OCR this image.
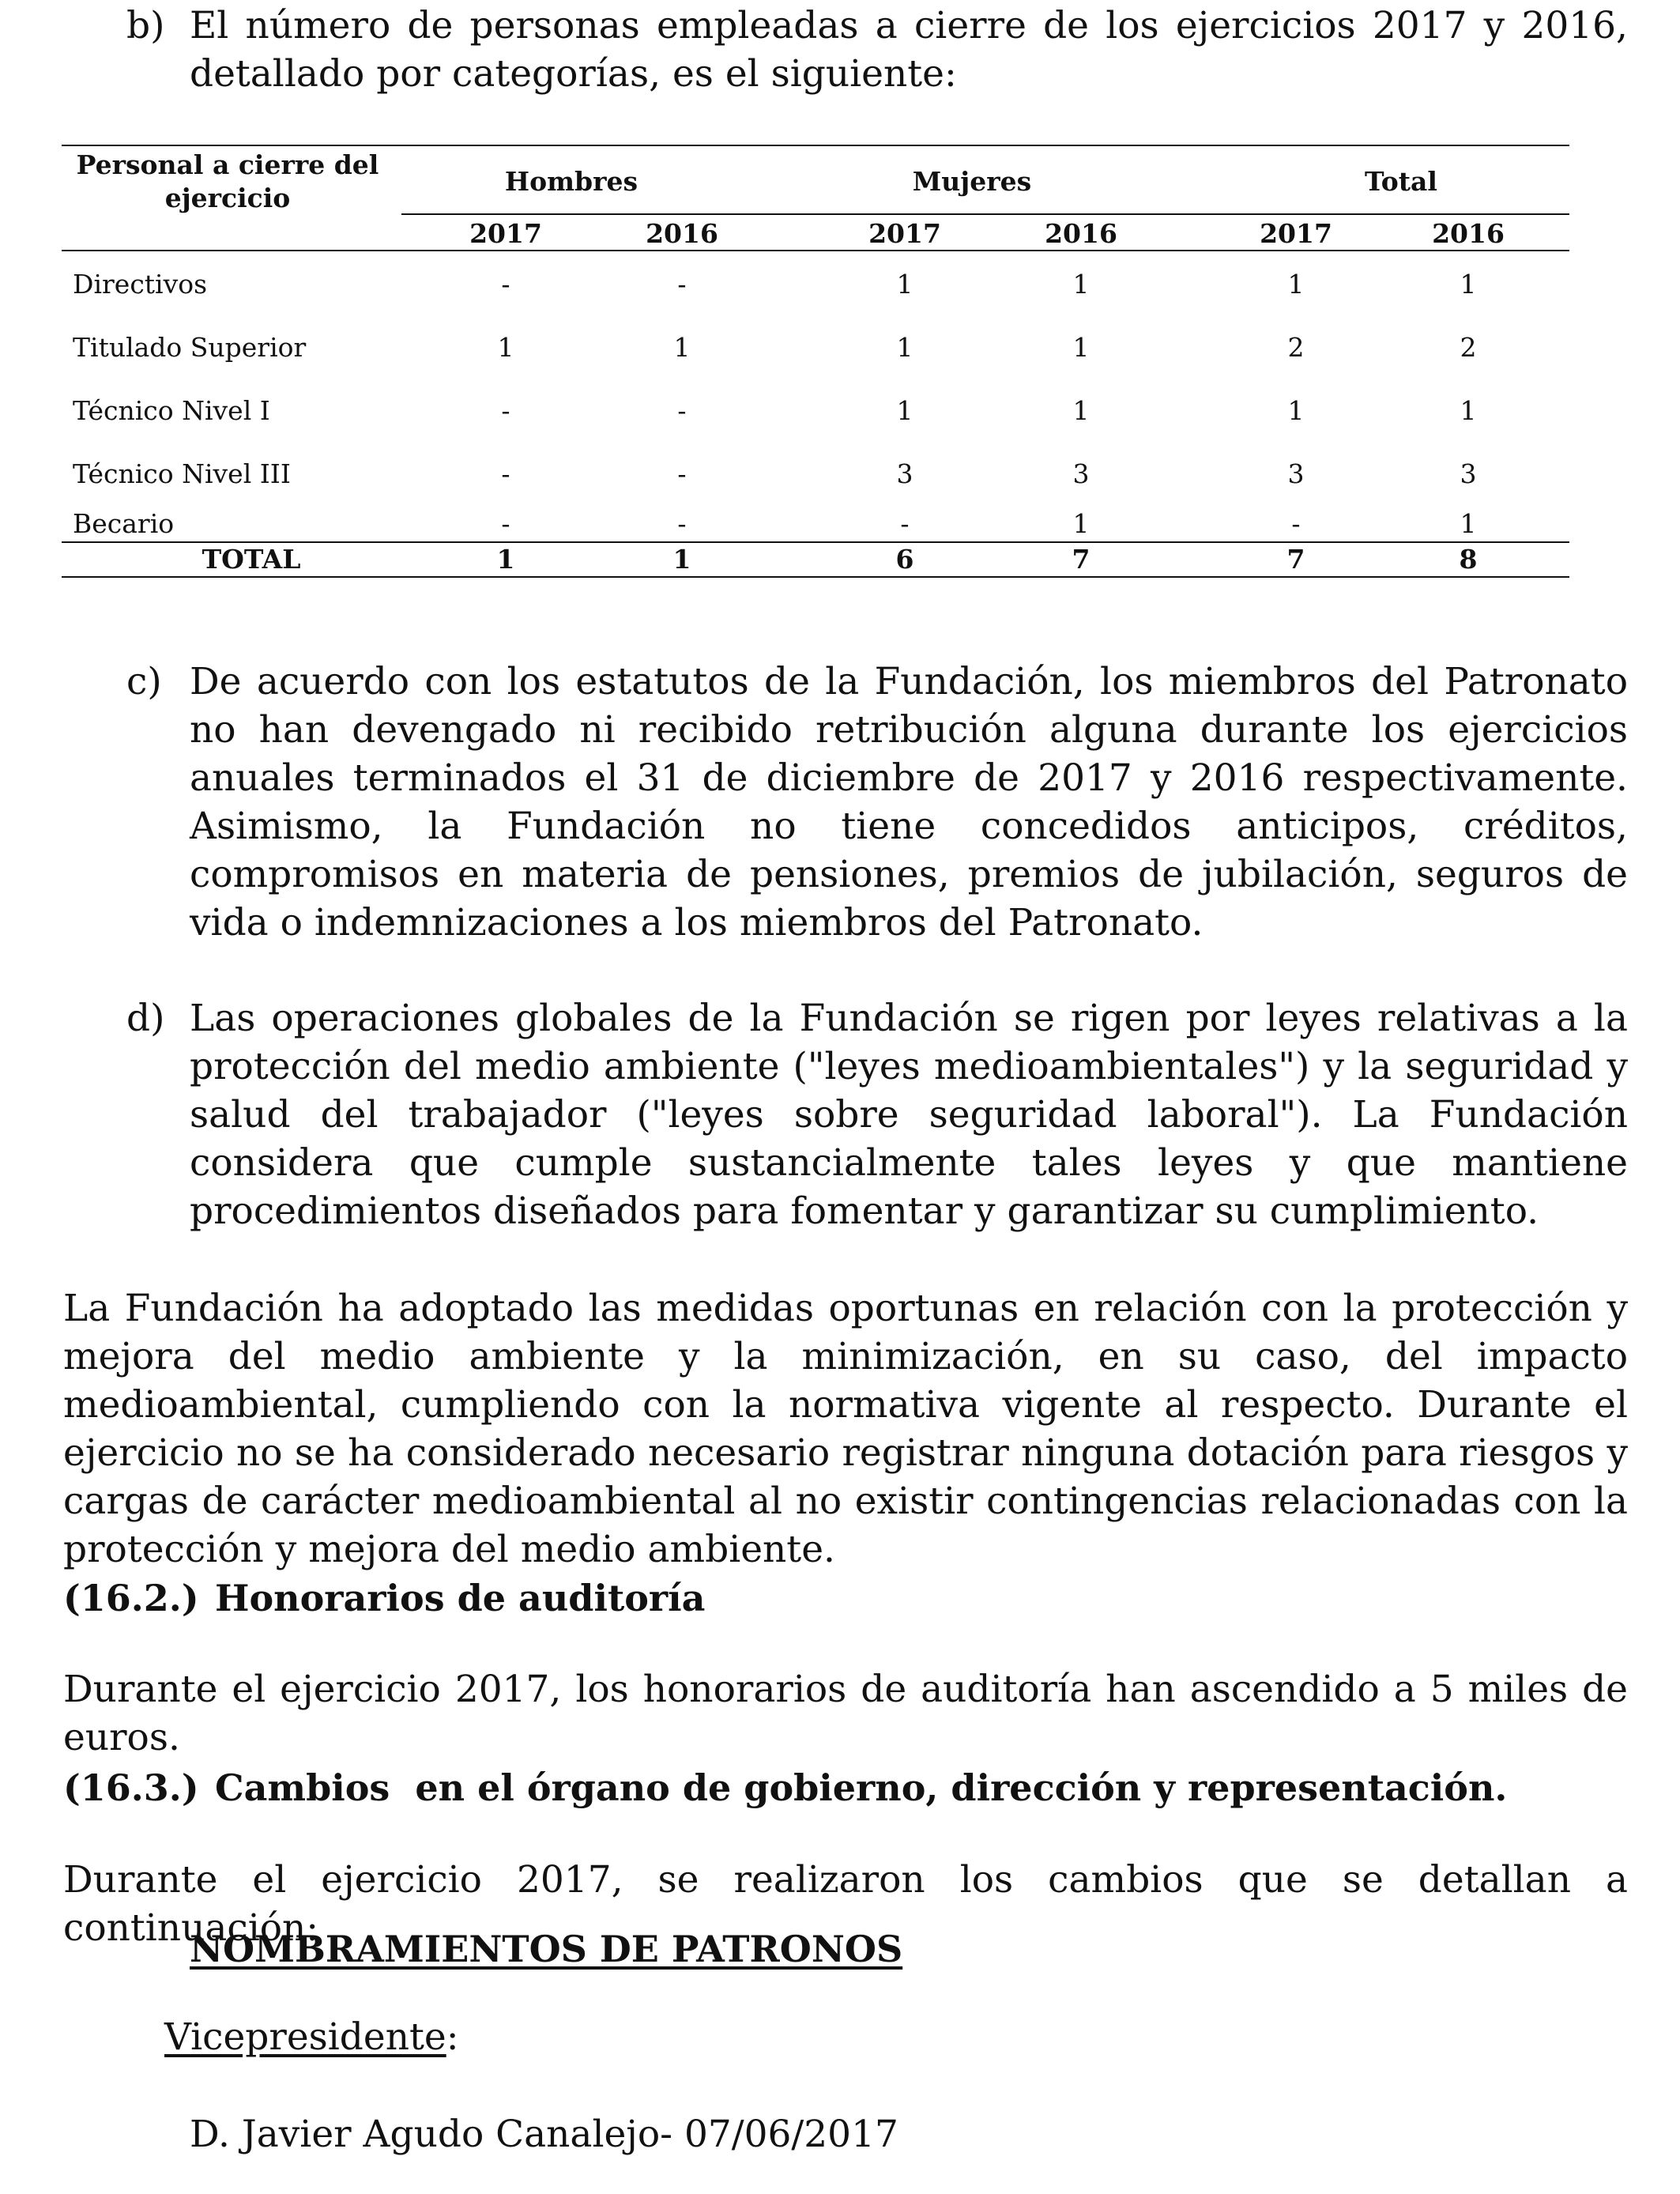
b) El número de personas empleadas a cierre de los ejercicios 2017 y 2016, detallado por categorías, es el siguiente:

Personal a cierre del
ejercicio
Hombres	Mujeres	Total
2017	2016	2017	2016	2017	2016
Directivos	-	-	1	1	1	1
Titulado Superior	1	1	1	1	2	2
Técnico Nivel I	-	-	1	1	1	1
Técnico Nivel III	-	-	3	3	3	3
Becario	-	-	-	1	-	1
TOTAL	1	1	6	7	7	8
c) De acuerdo con los estatutos de la Fundación, los miembros del Patronato no han devengado ni recibido retribución alguna durante los ejercicios anuales terminados el 31 de diciembre de 2017 y 2016 respectivamente. Asimismo, la Fundación no tiene concedidos anticipos, créditos, compromisos en materia de pensiones, premios de jubilación, seguros de vida o indemnizaciones a los miembros del Patronato.

d) Las operaciones globales de la Fundación se rigen por leyes relativas a la protección del medio ambiente ("leyes medioambientales") y la seguridad y salud del trabajador ("leyes sobre seguridad laboral"). La Fundación considera que cumple sustancialmente tales leyes y que mantiene procedimientos diseñados para fomentar y garantizar su cumplimiento.

La Fundación ha adoptado las medidas oportunas en relación con la protección y mejora del medio ambiente y la minimización, en su caso, del impacto medioambiental, cumpliendo con la normativa vigente al respecto. Durante el ejercicio no se ha considerado necesario registrar ninguna dotación para riesgos y cargas de carácter medioambiental al no existir contingencias relacionadas con la protección y mejora del medio ambiente.

(16.2.) Honorarios de auditoría

Durante el ejercicio 2017, los honorarios de auditoría han ascendido a 5 miles de euros.

(16.3.) Cambios  en el órgano de gobierno, dirección y representación.

Durante el ejercicio 2017, se realizaron los cambios que se detallan a continuación:

NOMBRAMIENTOS DE PATRONOS
Vicepresidente:
D. Javier Agudo Canalejo- 07/06/2017
